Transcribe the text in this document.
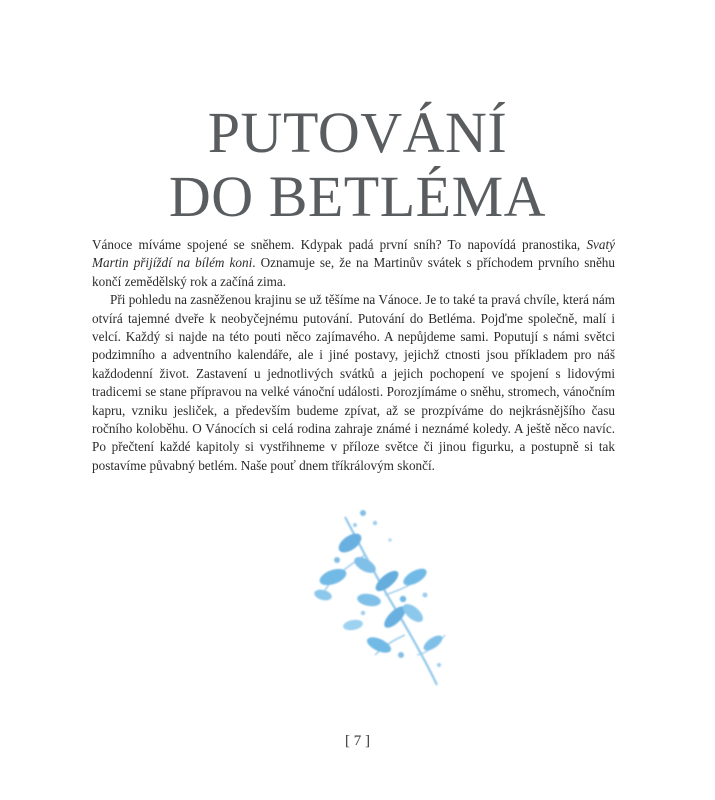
PUTOVÁNÍ
DO BETLÉMA

Vánoce míváme spojené se sněhem. Kdypak padá první sníh? To napovídá pranostika, Svatý Martin přijíždí na bílém koni. Oznamuje se, že na Martinův svátek s příchodem prvního sněhu končí zemědělský rok a začíná zima.

Při pohledu na zasněženou krajinu se už těšíme na Vánoce. Je to také ta pravá chvíle, která nám otvírá tajemné dveře k neobyčejnému putování. Putování do Betléma. Pojďme společně, malí i velcí. Každý si najde na této pouti něco zajímavého. A nepůjdeme sami. Poputují s námi světci podzimního a adventního kalendáře, ale i jiné postavy, jejichž ctnosti jsou příkladem pro náš každodenní život. Zastavení u jednotlivých svátků a jejich pochopení ve spojení s lidovými tradicemi se stane přípravou na velké vánoční události. Porozjímáme o sněhu, stromech, vánočním kapru, vzniku jesliček, a především budeme zpívat, až se prozpíváme do nejkrásnějšího času ročního koloběhu. O Vánocích si celá rodina zahraje známé i neznámé koledy. A ještě něco navíc. Po přečtení každé kapitoly si vystřihneme v příloze světce či jinou figurku, a postupně si tak postavíme půvabný betlém. Naše pouť dnem tříkrálovým skončí.

[ 7 ]
